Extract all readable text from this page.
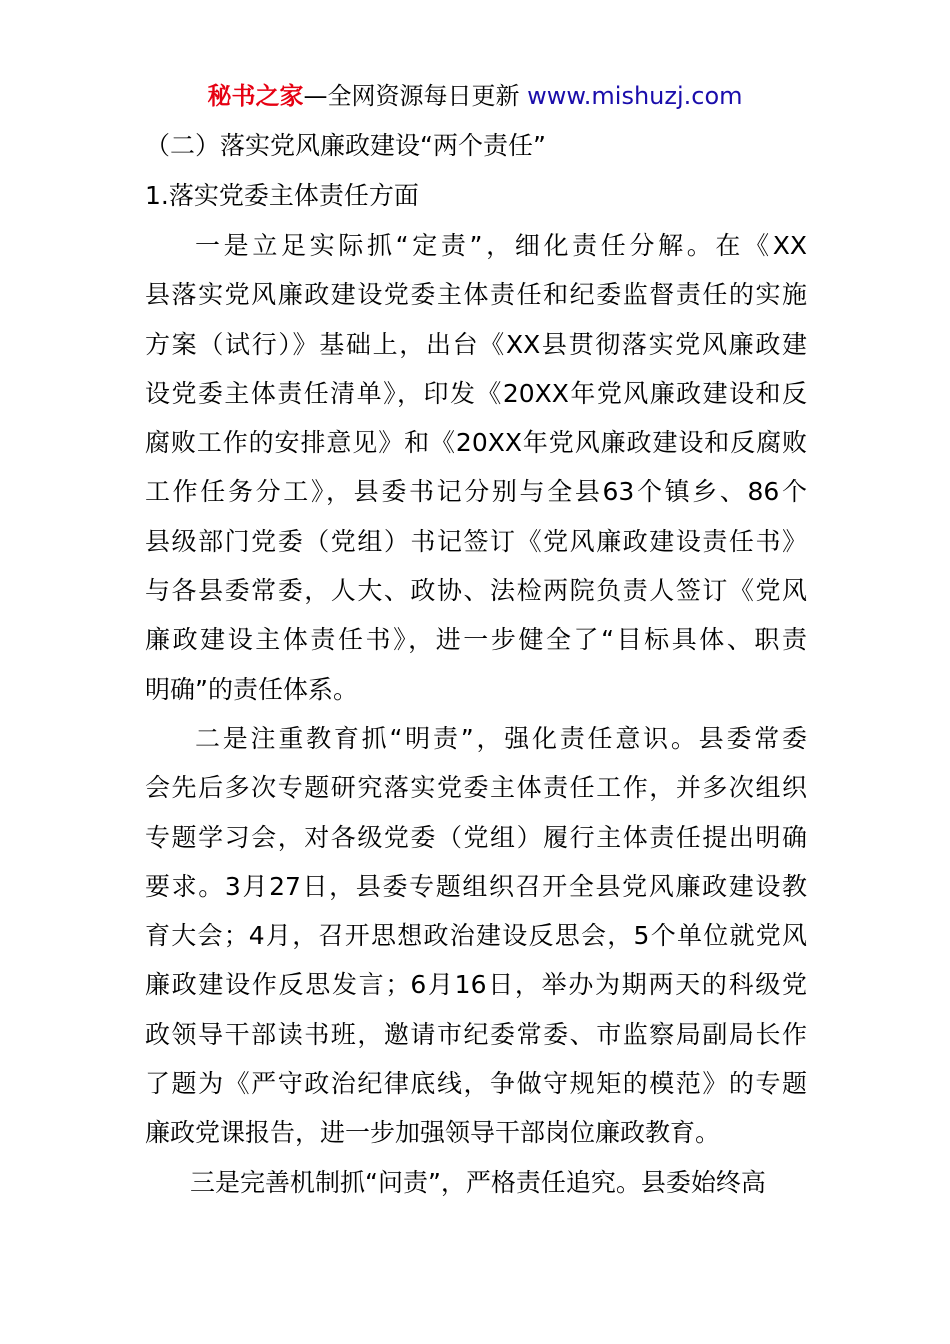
秘书之家—全网资源每日更新 www.mishuzj.com

（二）落实党风廉政建设“两个责任”

1.落实党委主体责任方面

一是立足实际抓“定责”，细化责任分解。在《XX
县落实党风廉政建设党委主体责任和纪委监督责任的实施
方案（试行）》基础上，出台《XX县贯彻落实党风廉政建
设党委主体责任清单》，印发《20XX年党风廉政建设和反
腐败工作的安排意见》和《20XX年党风廉政建设和反腐败
工作任务分工》，县委书记分别与全县63个镇乡、86个
县级部门党委（党组）书记签订《党风廉政建设责任书》
与各县委常委，人大、政协、法检两院负责人签订《党风
廉政建设主体责任书》，进一步健全了“目标具体、职责
明确”的责任体系。

二是注重教育抓“明责”，强化责任意识。县委常委
会先后多次专题研究落实党委主体责任工作，并多次组织
专题学习会，对各级党委（党组）履行主体责任提出明确
要求。3月27日，县委专题组织召开全县党风廉政建设教
育大会；4月，召开思想政治建设反思会，5个单位就党风
廉政建设作反思发言；6月16日，举办为期两天的科级党
政领导干部读书班，邀请市纪委常委、市监察局副局长作
了题为《严守政治纪律底线，争做守规矩的模范》的专题
廉政党课报告，进一步加强领导干部岗位廉政教育。

三是完善机制抓“问责”，严格责任追究。县委始终高
